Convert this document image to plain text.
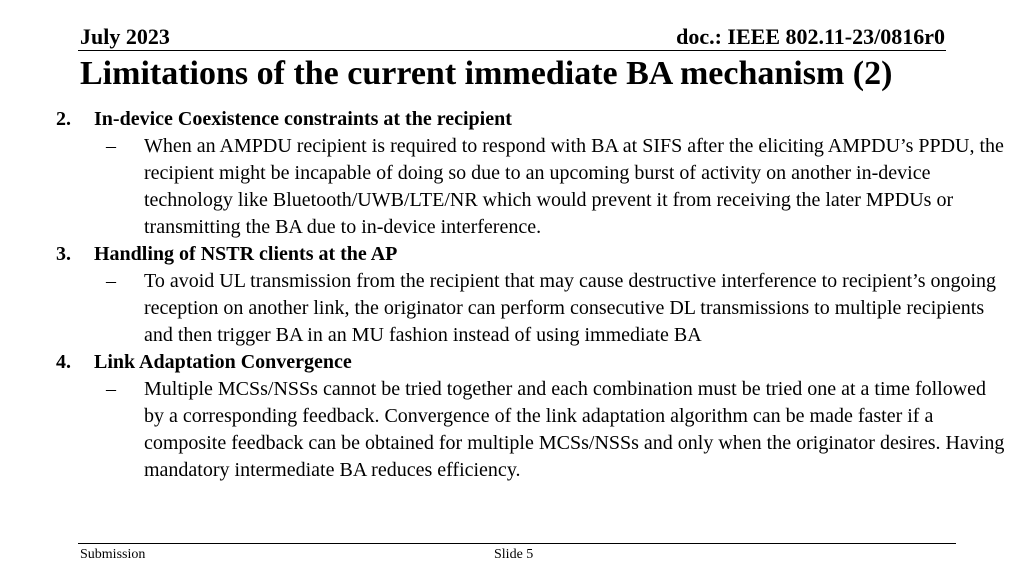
July 2023	doc.: IEEE 802.11-23/0816r0
Limitations of the current immediate BA mechanism (2)
2. In-device Coexistence constraints at the recipient
– When an AMPDU recipient is required to respond with BA at SIFS after the eliciting AMPDU’s PPDU, the recipient might be incapable of doing so due to an upcoming burst of activity on another in-device technology like Bluetooth/UWB/LTE/NR which would prevent it from receiving the later MPDUs or transmitting the BA due to in-device interference.
3. Handling of NSTR clients at the AP
– To avoid UL transmission from the recipient that may cause destructive interference to recipient’s ongoing reception on another link, the originator can perform consecutive DL transmissions to multiple recipients and then trigger BA in an MU fashion instead of using immediate BA
4. Link Adaptation Convergence
– Multiple MCSs/NSSs cannot be tried together and each combination must be tried one at a time followed by a corresponding feedback. Convergence of the link adaptation algorithm can be made faster if a composite feedback can be obtained for multiple MCSs/NSSs and only when the originator desires. Having mandatory intermediate BA reduces efficiency.
Submission	Slide 5
